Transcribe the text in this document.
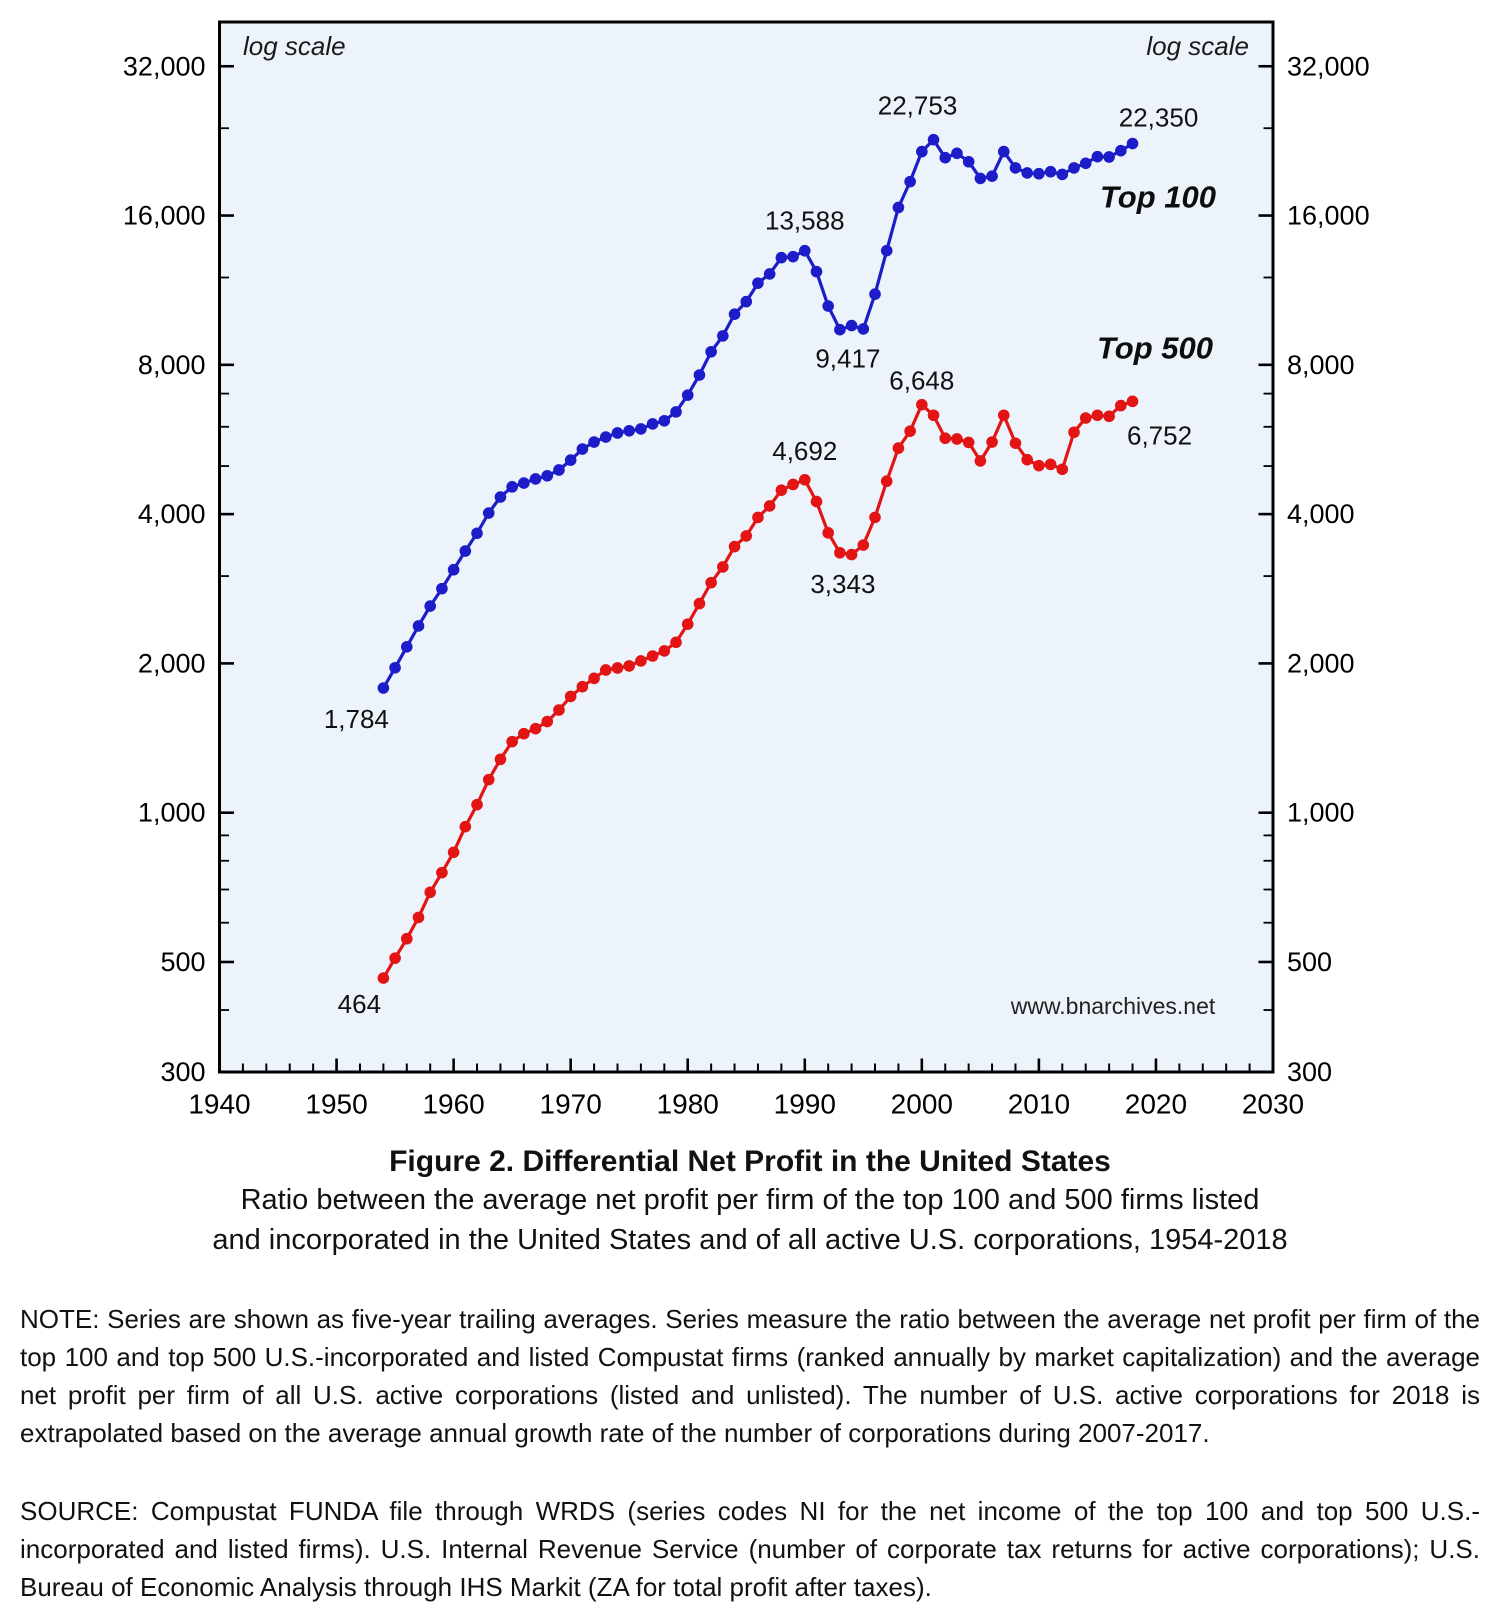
1940 1950 1960 1970 1980 1990 2000 2010 2020 2030
500	500
1,000	1,000
2,000	2,000
4,000	4,000
8,000	8,000
16,000	16,000
32,000	32,000
300	300
1,784
13,588
9,417
22,753	22,350
464
4,692
3,343
6,648
6,752
log scale	log scale
Top 100
Top 500
www.bnarchives.net
Figure 2. Differential Net Profit in the United States
Ratio between the average net profit per firm of the top 100 and 500 firms listed
and incorporated in the United States and of all active U.S. corporations, 1954-2018
NOTE: Series are shown as five-year trailing averages. Series measure the ratio between the average net profit per firm of the top 100 and top 500 U.S.-incorporated and listed Compustat firms (ranked annually by market capitalization) and the average net profit per firm of all U.S. active corporations (listed and unlisted). The number of U.S. active corporations for 2018 is extrapolated based on the average annual growth rate of the number of corporations during 2007-2017.
SOURCE: Compustat FUNDA file through WRDS (series codes NI for the net income of the top 100 and top 500 U.S.-incorporated and listed firms). U.S. Internal Revenue Service (number of corporate tax returns for active corporations); U.S. Bureau of Economic Analysis through IHS Markit (ZA for total profit after taxes).
